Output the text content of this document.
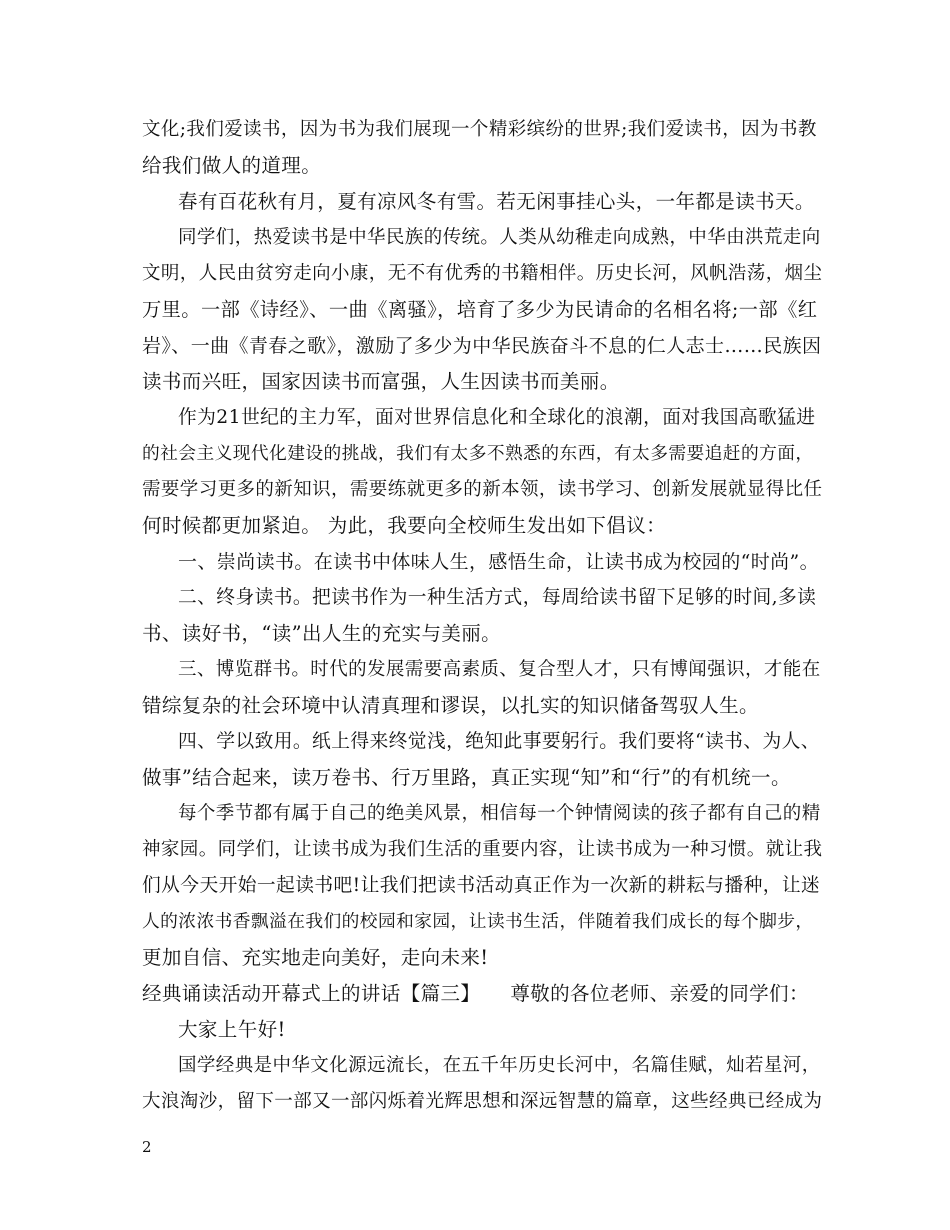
文化;我们爱读书，因为书为我们展现一个精彩缤纷的世界;我们爱读书，因为书教
给我们做人的道理。
春有百花秋有月，夏有凉风冬有雪。若无闲事挂心头，一年都是读书天。
同学们，热爱读书是中华民族的传统。人类从幼稚走向成熟，中华由洪荒走向
文明，人民由贫穷走向小康，无不有优秀的书籍相伴。历史长河，风帆浩荡，烟尘
万里。一部《诗经》、一曲《离骚》，培育了多少为民请命的名相名将;一部《红
岩》、一曲《青春之歌》，激励了多少为中华民族奋斗不息的仁人志士……民族因
读书而兴旺，国家因读书而富强，人生因读书而美丽。
作为21世纪的主力军，面对世界信息化和全球化的浪潮，面对我国高歌猛进
的社会主义现代化建设的挑战，我们有太多不熟悉的东西，有太多需要追赶的方面，
需要学习更多的新知识，需要练就更多的新本领，读书学习、创新发展就显得比任
何时候都更加紧迫。 为此，我要向全校师生发出如下倡议：
一、崇尚读书。在读书中体味人生，感悟生命，让读书成为校园的“时尚”。
二、终身读书。把读书作为一种生活方式，每周给读书留下足够的时间,多读
书、读好书，“读”出人生的充实与美丽。
三、博览群书。时代的发展需要高素质、复合型人才，只有博闻强识，才能在
错综复杂的社会环境中认清真理和谬误，以扎实的知识储备驾驭人生。
四、学以致用。纸上得来终觉浅，绝知此事要躬行。我们要将“读书、为人、
做事”结合起来，读万卷书、行万里路，真正实现“知”和“行”的有机统一。
每个季节都有属于自己的绝美风景，相信每一个钟情阅读的孩子都有自己的精
神家园。同学们，让读书成为我们生活的重要内容，让读书成为一种习惯。就让我
们从今天开始一起读书吧!让我们把读书活动真正作为一次新的耕耘与播种，让迷
人的浓浓书香飘溢在我们的校园和家园，让读书生活，伴随着我们成长的每个脚步，
更加自信、充实地走向美好，走向未来!
经典诵读活动开幕式上的讲话【篇三】　　尊敬的各位老师、亲爱的同学们：
大家上午好!
国学经典是中华文化源远流长，在五千年历史长河中，名篇佳赋，灿若星河，
大浪淘沙，留下一部又一部闪烁着光辉思想和深远智慧的篇章，这些经典已经成为
2
